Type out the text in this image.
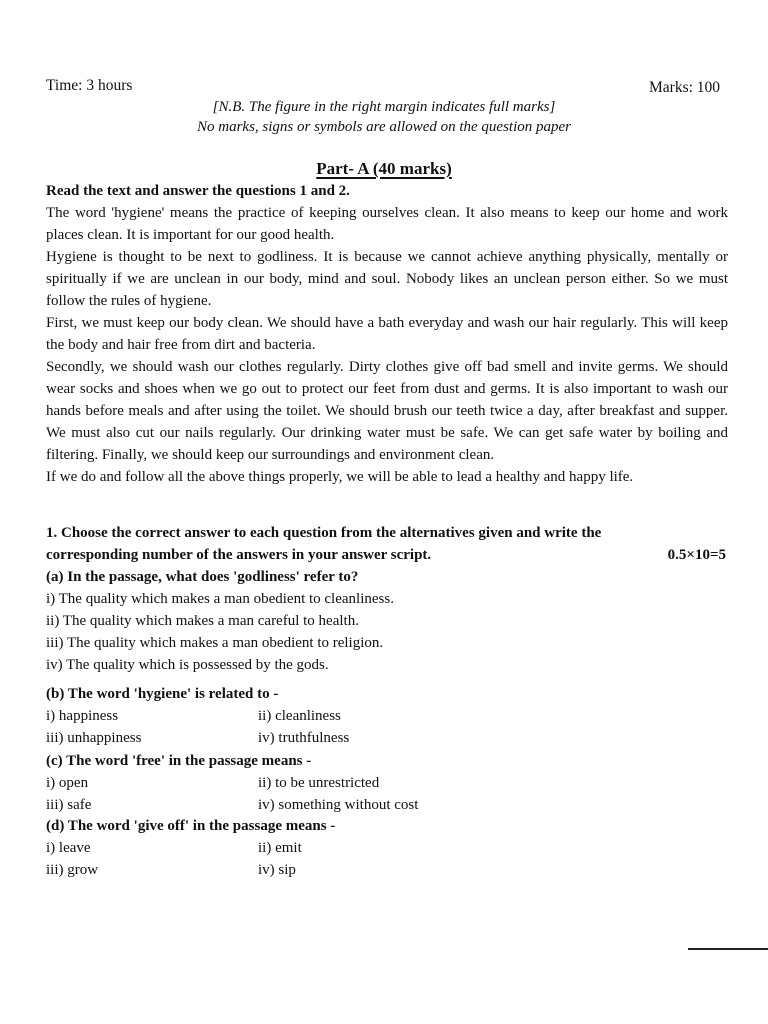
Time: 3 hours	Marks: 100
[N.B. The figure in the right margin indicates full marks]
No marks, signs or symbols are allowed on the question paper
Part- A (40 marks)

Read the text and answer the questions 1 and 2.

The word 'hygiene' means the practice of keeping ourselves clean. It also means to keep our home and work places clean. It is important for our good health.

Hygiene is thought to be next to godliness. It is because we cannot achieve anything physically, mentally or spiritually if we are unclean in our body, mind and soul. Nobody likes an unclean person either. So we must follow the rules of hygiene.

First, we must keep our body clean. We should have a bath everyday and wash our hair regularly. This will keep the body and hair free from dirt and bacteria.

Secondly, we should wash our clothes regularly. Dirty clothes give off bad smell and invite germs. We should wear socks and shoes when we go out to protect our feet from dust and germs. It is also important to wash our hands before meals and after using the toilet. We should brush our teeth twice a day, after breakfast and supper. We must also cut our nails regularly. Our drinking water must be safe. We can get safe water by boiling and filtering. Finally, we should keep our surroundings and environment clean.

If we do and follow all the above things properly, we will be able to lead a healthy and happy life.

1. Choose the correct answer to each question from the alternatives given and write the
corresponding number of the answers in your answer script.	0.5×10=5
(a) In the passage, what does 'godliness' refer to?
i) The quality which makes a man obedient to cleanliness.
ii) The quality which makes a man careful to health.
iii) The quality which makes a man obedient to religion.
iv) The quality which is possessed by the gods.
(b) The word 'hygiene' is related to -
i) happiness	ii) cleanliness
iii) unhappiness	iv) truthfulness
(c) The word 'free' in the passage means -
i) open	ii) to be unrestricted
iii) safe	iv) something without cost
(d) The word 'give off' in the passage means -
i) leave	ii) emit
iii) grow	iv) sip
